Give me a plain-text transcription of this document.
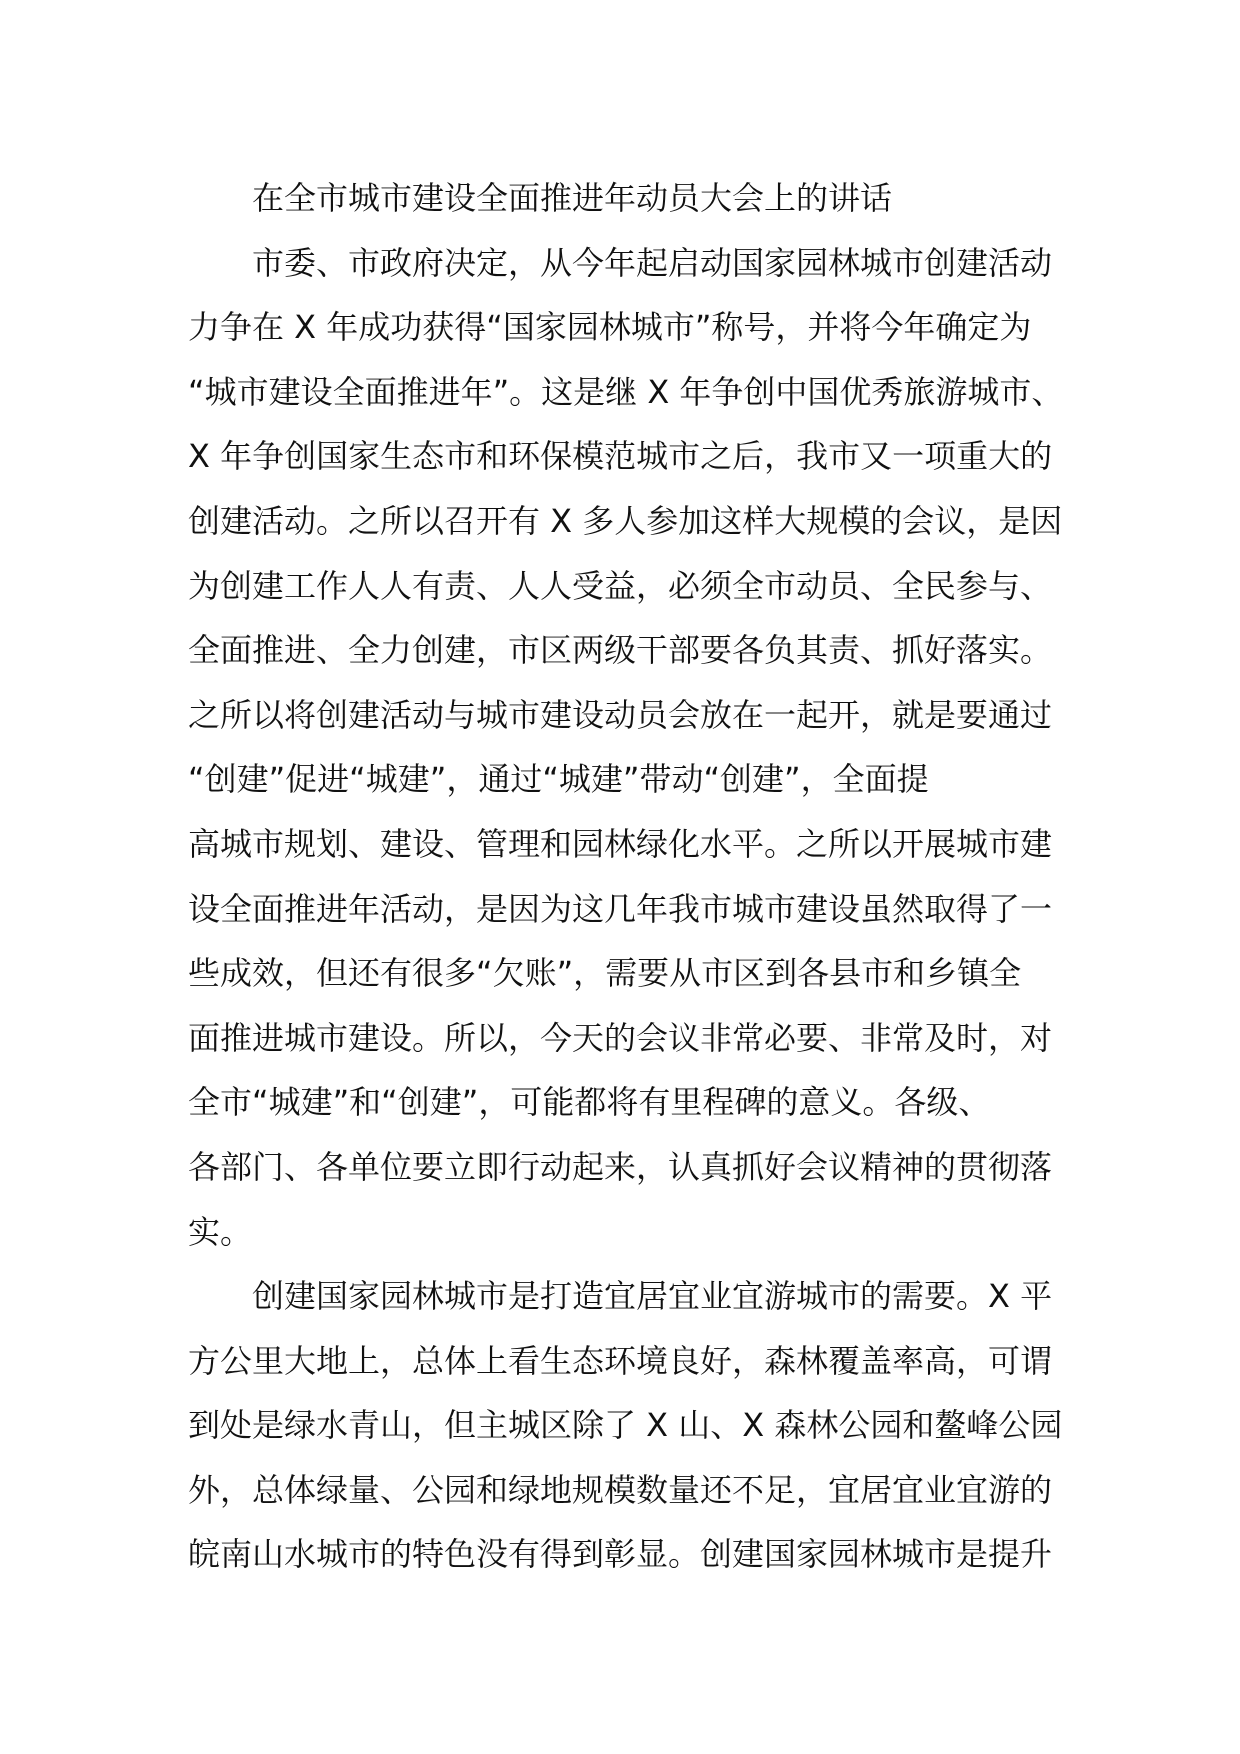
在全市城市建设全面推进年动员大会上的讲话
市委、市政府决定，从今年起启动国家园林城市创建活动
力争在 X 年成功获得“国家园林城市”称号，并将今年确定为
“城市建设全面推进年”。这是继 X 年争创中国优秀旅游城市、
X 年争创国家生态市和环保模范城市之后，我市又一项重大的
创建活动。之所以召开有 X 多人参加这样大规模的会议，是因
为创建工作人人有责、人人受益，必须全市动员、全民参与、
全面推进、全力创建，市区两级干部要各负其责、抓好落实。
之所以将创建活动与城市建设动员会放在一起开，就是要通过
“创建”促进“城建”，通过“城建”带动“创建”，全面提
高城市规划、建设、管理和园林绿化水平。之所以开展城市建
设全面推进年活动，是因为这几年我市城市建设虽然取得了一
些成效，但还有很多“欠账”，需要从市区到各县市和乡镇全
面推进城市建设。所以，今天的会议非常必要、非常及时，对
全市“城建”和“创建”，可能都将有里程碑的意义。各级、
各部门、各单位要立即行动起来，认真抓好会议精神的贯彻落
实。
创建国家园林城市是打造宜居宜业宜游城市的需要。X 平
方公里大地上，总体上看生态环境良好，森林覆盖率高，可谓
到处是绿水青山，但主城区除了 X 山、X 森林公园和鳌峰公园
外，总体绿量、公园和绿地规模数量还不足，宜居宜业宜游的
皖南山水城市的特色没有得到彰显。创建国家园林城市是提升
